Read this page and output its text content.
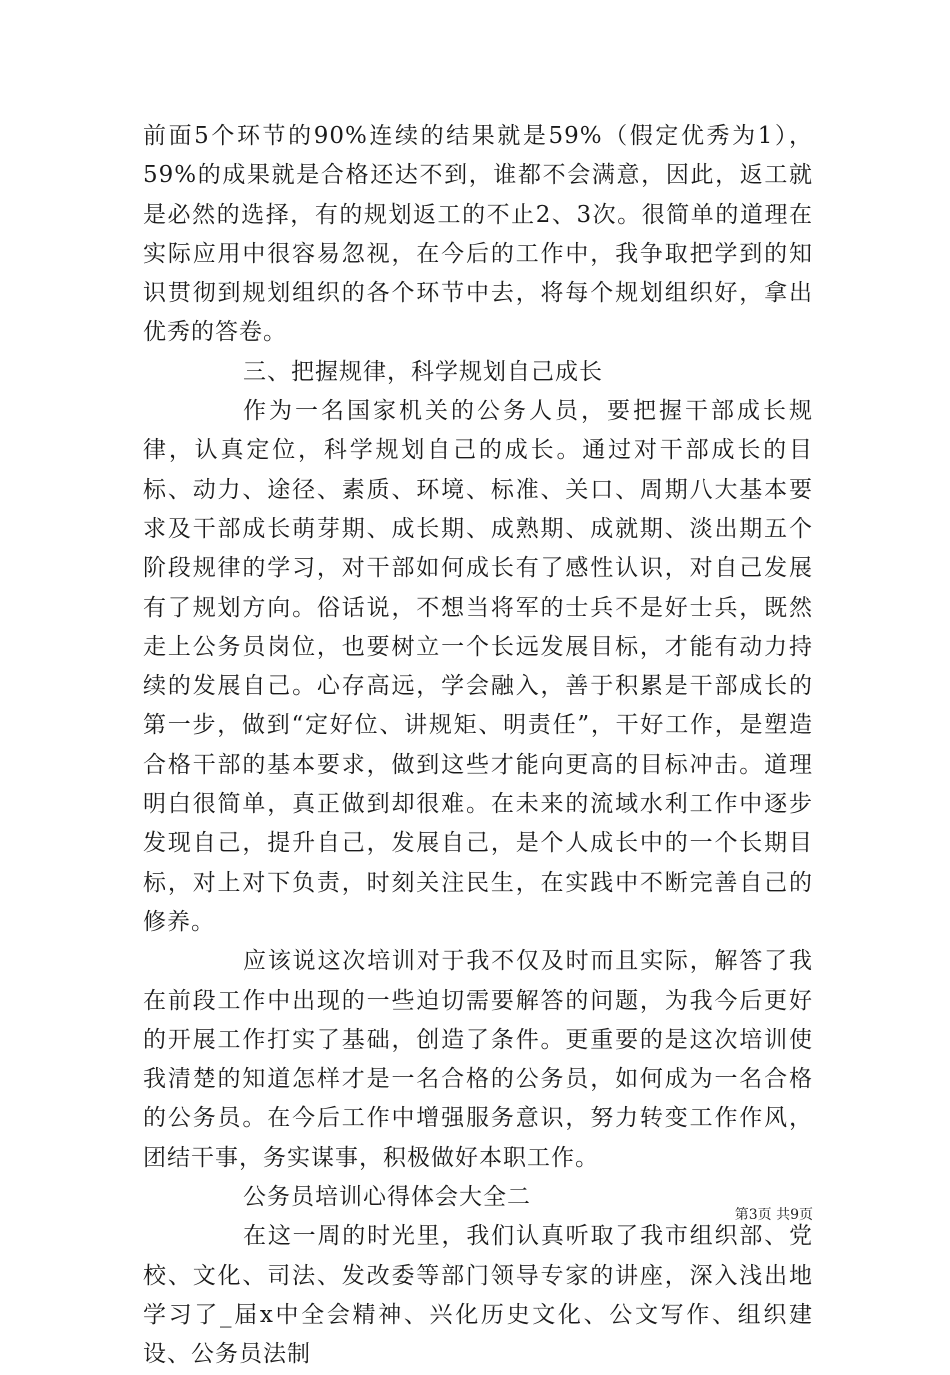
前面5个环节的90%连续的结果就是59%（假定优秀为1），59%的成果就是合格还达不到，谁都不会满意，因此，返工就是必然的选择，有的规划返工的不止2、3次。很简单的道理在实际应用中很容易忽视，在今后的工作中，我争取把学到的知识贯彻到规划组织的各个环节中去，将每个规划组织好，拿出优秀的答卷。

三、把握规律，科学规划自己成长

作为一名国家机关的公务人员，要把握干部成长规律，认真定位，科学规划自己的成长。通过对干部成长的目标、动力、途径、素质、环境、标准、关口、周期八大基本要求及干部成长萌芽期、成长期、成熟期、成就期、淡出期五个阶段规律的学习，对干部如何成长有了感性认识，对自己发展有了规划方向。俗话说，不想当将军的士兵不是好士兵，既然走上公务员岗位，也要树立一个长远发展目标，才能有动力持续的发展自己。心存高远，学会融入，善于积累是干部成长的第一步，做到“定好位、讲规矩、明责任”，干好工作，是塑造合格干部的基本要求，做到这些才能向更高的目标冲击。道理明白很简单，真正做到却很难。在未来的流域水利工作中逐步发现自己，提升自己，发展自己，是个人成长中的一个长期目标，对上对下负责，时刻关注民生，在实践中不断完善自己的修养。

应该说这次培训对于我不仅及时而且实际，解答了我在前段工作中出现的一些迫切需要解答的问题，为我今后更好的开展工作打实了基础，创造了条件。更重要的是这次培训使我清楚的知道怎样才是一名合格的公务员，如何成为一名合格的公务员。在今后工作中增强服务意识，努力转变工作作风，团结干事，务实谋事，积极做好本职工作。

公务员培训心得体会大全二

在这一周的时光里，我们认真听取了我市组织部、党校、文化、司法、发改委等部门领导专家的讲座，深入浅出地学习了_届x中全会精神、兴化历史文化、公文写作、组织建设、公务员法制

第3页 共9页
